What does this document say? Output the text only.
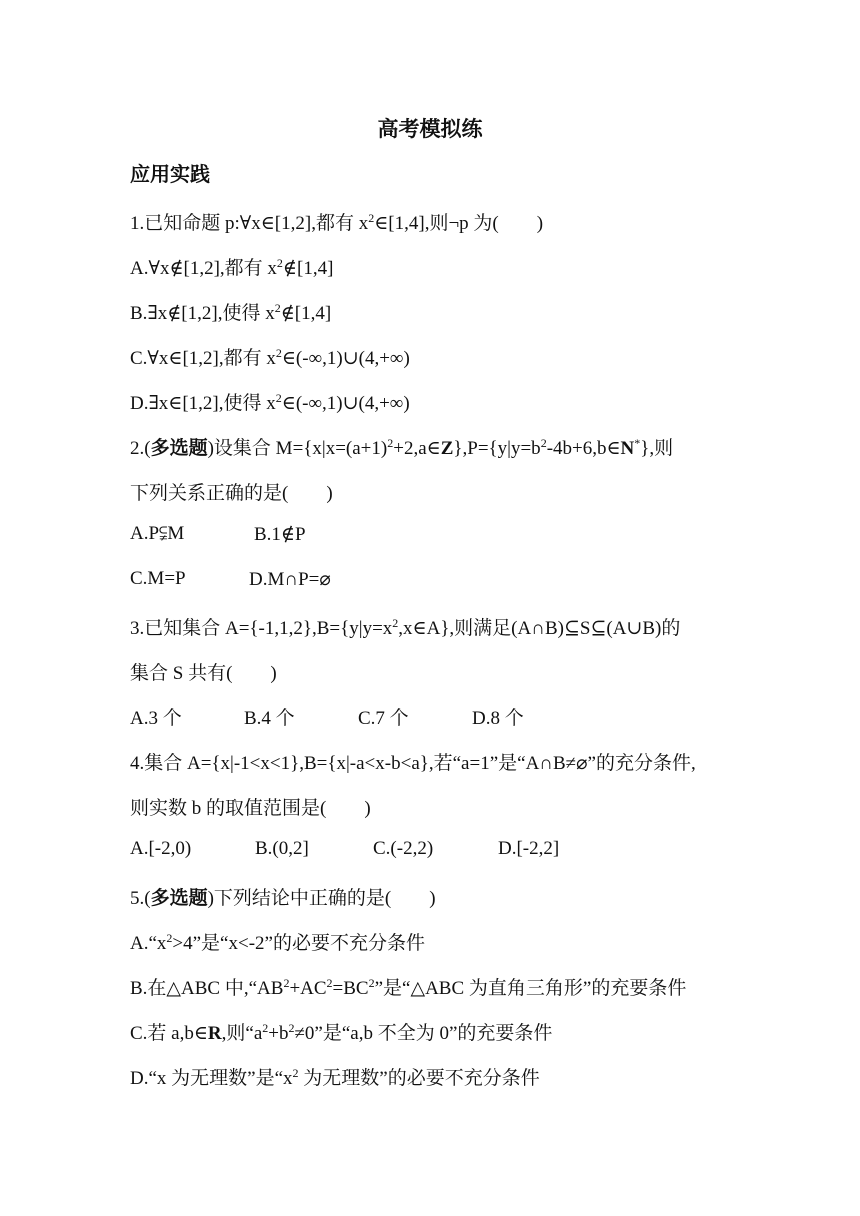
高考模拟练
应用实践
1.已知命题 p:∀x∈[1,2],都有 $x^2\in[1,4]$,则¬p 为(　　)
A.∀x∉[1,2],都有 $x^2\notin[1,4]$
B.∃x∉[1,2],使得 $x^2\notin[1,4]$
C.∀x∈[1,2],都有 $x^2\in(-\infty,1)\cup(4,+\infty)$
D.∃x∈[1,2],使得 $x^2\in(-\infty,1)\cup(4,+\infty)$
2.(多选题)设集合 $M=\{x|x=(a+1)^2+2,a\in Z\},P=\{y|y=b^2-4b+6,b\in N^*\}$,则
下列关系正确的是(　　)
A.P⫋M	B.1∉P
C.M=P	D.M∩P=⌀
3.已知集合 $A=\{-1,1,2\},B=\{y|y=x^2,x\in A\}$,则满足(A∩B)⊆S⊆(A∪B)的
集合 S 共有(　　)
A.3 个	B.4 个	C.7 个	D.8 个
4.集合 A={x|-1<x<1},B={x|-a<x-b<a},若“a=1”是“A∩B≠⌀”的充分条件,
则实数 b 的取值范围是(　　)
A.[-2,0)	B.(0,2]	C.(-2,2)	D.[-2,2]
5.(多选题)下列结论中正确的是(　　)
$A.“x^2>4$”是“x<-2”的必要不充分条件
B.在△ABC 中$,“AB^2+AC^2=BC^2$”是“△ABC 为直角三角形”的充要条件
C.若 a,b∈R,则“$a^2+b^2\ne 0$”是“a,b 不全为 0”的充要条件
D.“x 为无理数”是“$x^2$ 为无理数”的必要不充分条件
